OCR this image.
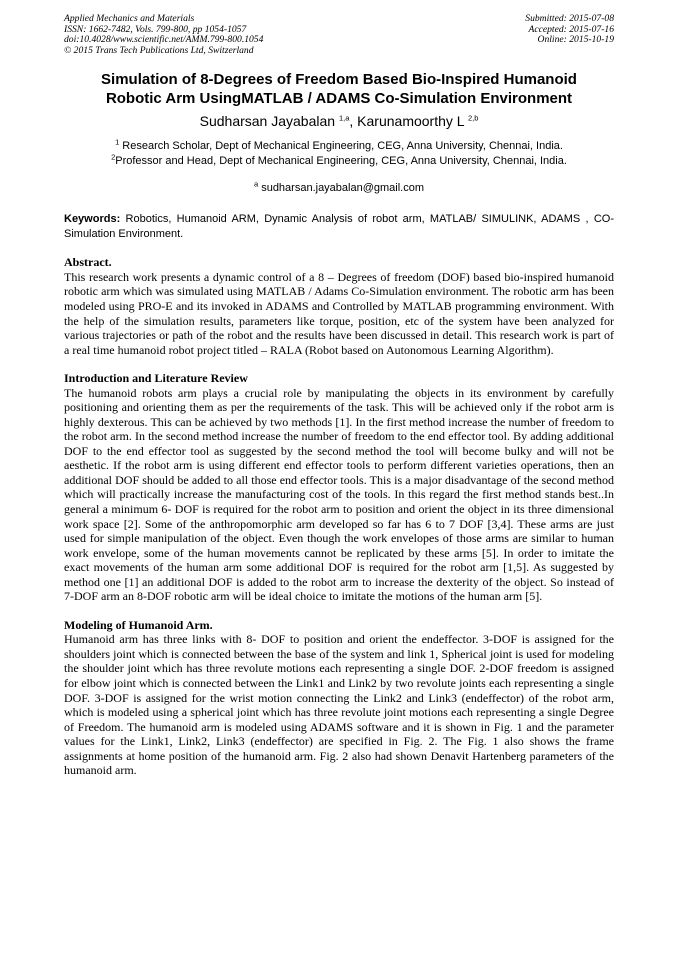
Applied Mechanics and Materials
ISSN: 1662-7482, Vols. 799-800, pp 1054-1057
doi:10.4028/www.scientific.net/AMM.799-800.1054
© 2015 Trans Tech Publications Ltd, Switzerland
Submitted: 2015-07-08
Accepted: 2015-07-16
Online: 2015-10-19
Simulation of 8-Degrees of Freedom Based Bio-Inspired Humanoid
Robotic Arm UsingMATLAB / ADAMS Co-Simulation Environment
Sudharsan Jayabalan $^{1,a}$, Karunamoorthy L $^{2,b}$
$^1$ Research Scholar, Dept of Mechanical Engineering, CEG, Anna University, Chennai, India.
$^2$Professor and Head, Dept of Mechanical Engineering, CEG, Anna University, Chennai, India.
$^a$ sudharsan.jayabalan@gmail.com
Keywords: Robotics, Humanoid ARM, Dynamic Analysis of robot arm, MATLAB/ SIMULINK, ADAMS , CO-Simulation Environment.
Abstract.

This research work presents a dynamic control of a 8 – Degrees of freedom (DOF) based bio-inspired humanoid robotic arm which was simulated using MATLAB / Adams Co-Simulation environment. The robotic arm has been modeled using PRO-E and its invoked in ADAMS and Controlled by MATLAB programming environment. With the help of the simulation results, parameters like torque, position, etc of the system have been analyzed for various trajectories or path of the robot and the results have been discussed in detail. This research work is part of a real time humanoid robot project titled – RALA (Robot based on Autonomous Learning Algorithm).

Introduction and Literature Review

The humanoid robots arm plays a crucial role by manipulating the objects in its environment by carefully positioning and orienting them as per the requirements of the task. This will be achieved only if the robot arm is highly dexterous. This can be achieved by two methods [1]. In the first method increase the number of freedom to the robot arm. In the second method increase the number of freedom to the end effector tool. By adding additional DOF to the end effector tool as suggested by the second method the tool will become bulky and will not be aesthetic. If the robot arm is using different end effector tools to perform different varieties operations, then an additional DOF should be added to all those end effector tools. This is a major disadvantage of the second method which will practically increase the manufacturing cost of the tools. In this regard the first method stands best..In general a minimum 6- DOF is required for the robot arm to position and orient the object in its three dimensional work space [2]. Some of the anthropomorphic arm developed so far has 6 to 7 DOF [3,4]. These arms are just used for simple manipulation of the object. Even though the work envelopes of those arms are similar to human work envelope, some of the human movements cannot be replicated by these arms [5]. In order to imitate the exact movements of the human arm some additional DOF is required for the robot arm [1,5]. As suggested by method one [1] an additional DOF is added to the robot arm to increase the dexterity of the object. So instead of 7-DOF arm an 8-DOF robotic arm will be ideal choice to imitate the motions of the human arm [5].

Modeling of Humanoid Arm.

Humanoid arm has three links with 8- DOF to position and orient the endeffector. 3-DOF is assigned for the shoulders joint which is connected between the base of the system and link 1, Spherical joint is used for modeling the shoulder joint which has three revolute motions each representing a single DOF. 2-DOF freedom is assigned for elbow joint which is connected between the Link1 and Link2 by two revolute joints each representing a single DOF. 3-DOF is assigned for the wrist motion connecting the Link2 and Link3 (endeffector) of the robot arm, which is modeled using a spherical joint which has three revolute joint motions each representing a single Degree of Freedom. The humanoid arm is modeled using ADAMS software and it is shown in Fig. 1 and the parameter values for the Link1, Link2, Link3 (endeffector) are specified in Fig. 2. The Fig. 1 also shows the frame assignments at home position of the humanoid arm. Fig. 2 also had shown Denavit Hartenberg parameters of the humanoid arm.
